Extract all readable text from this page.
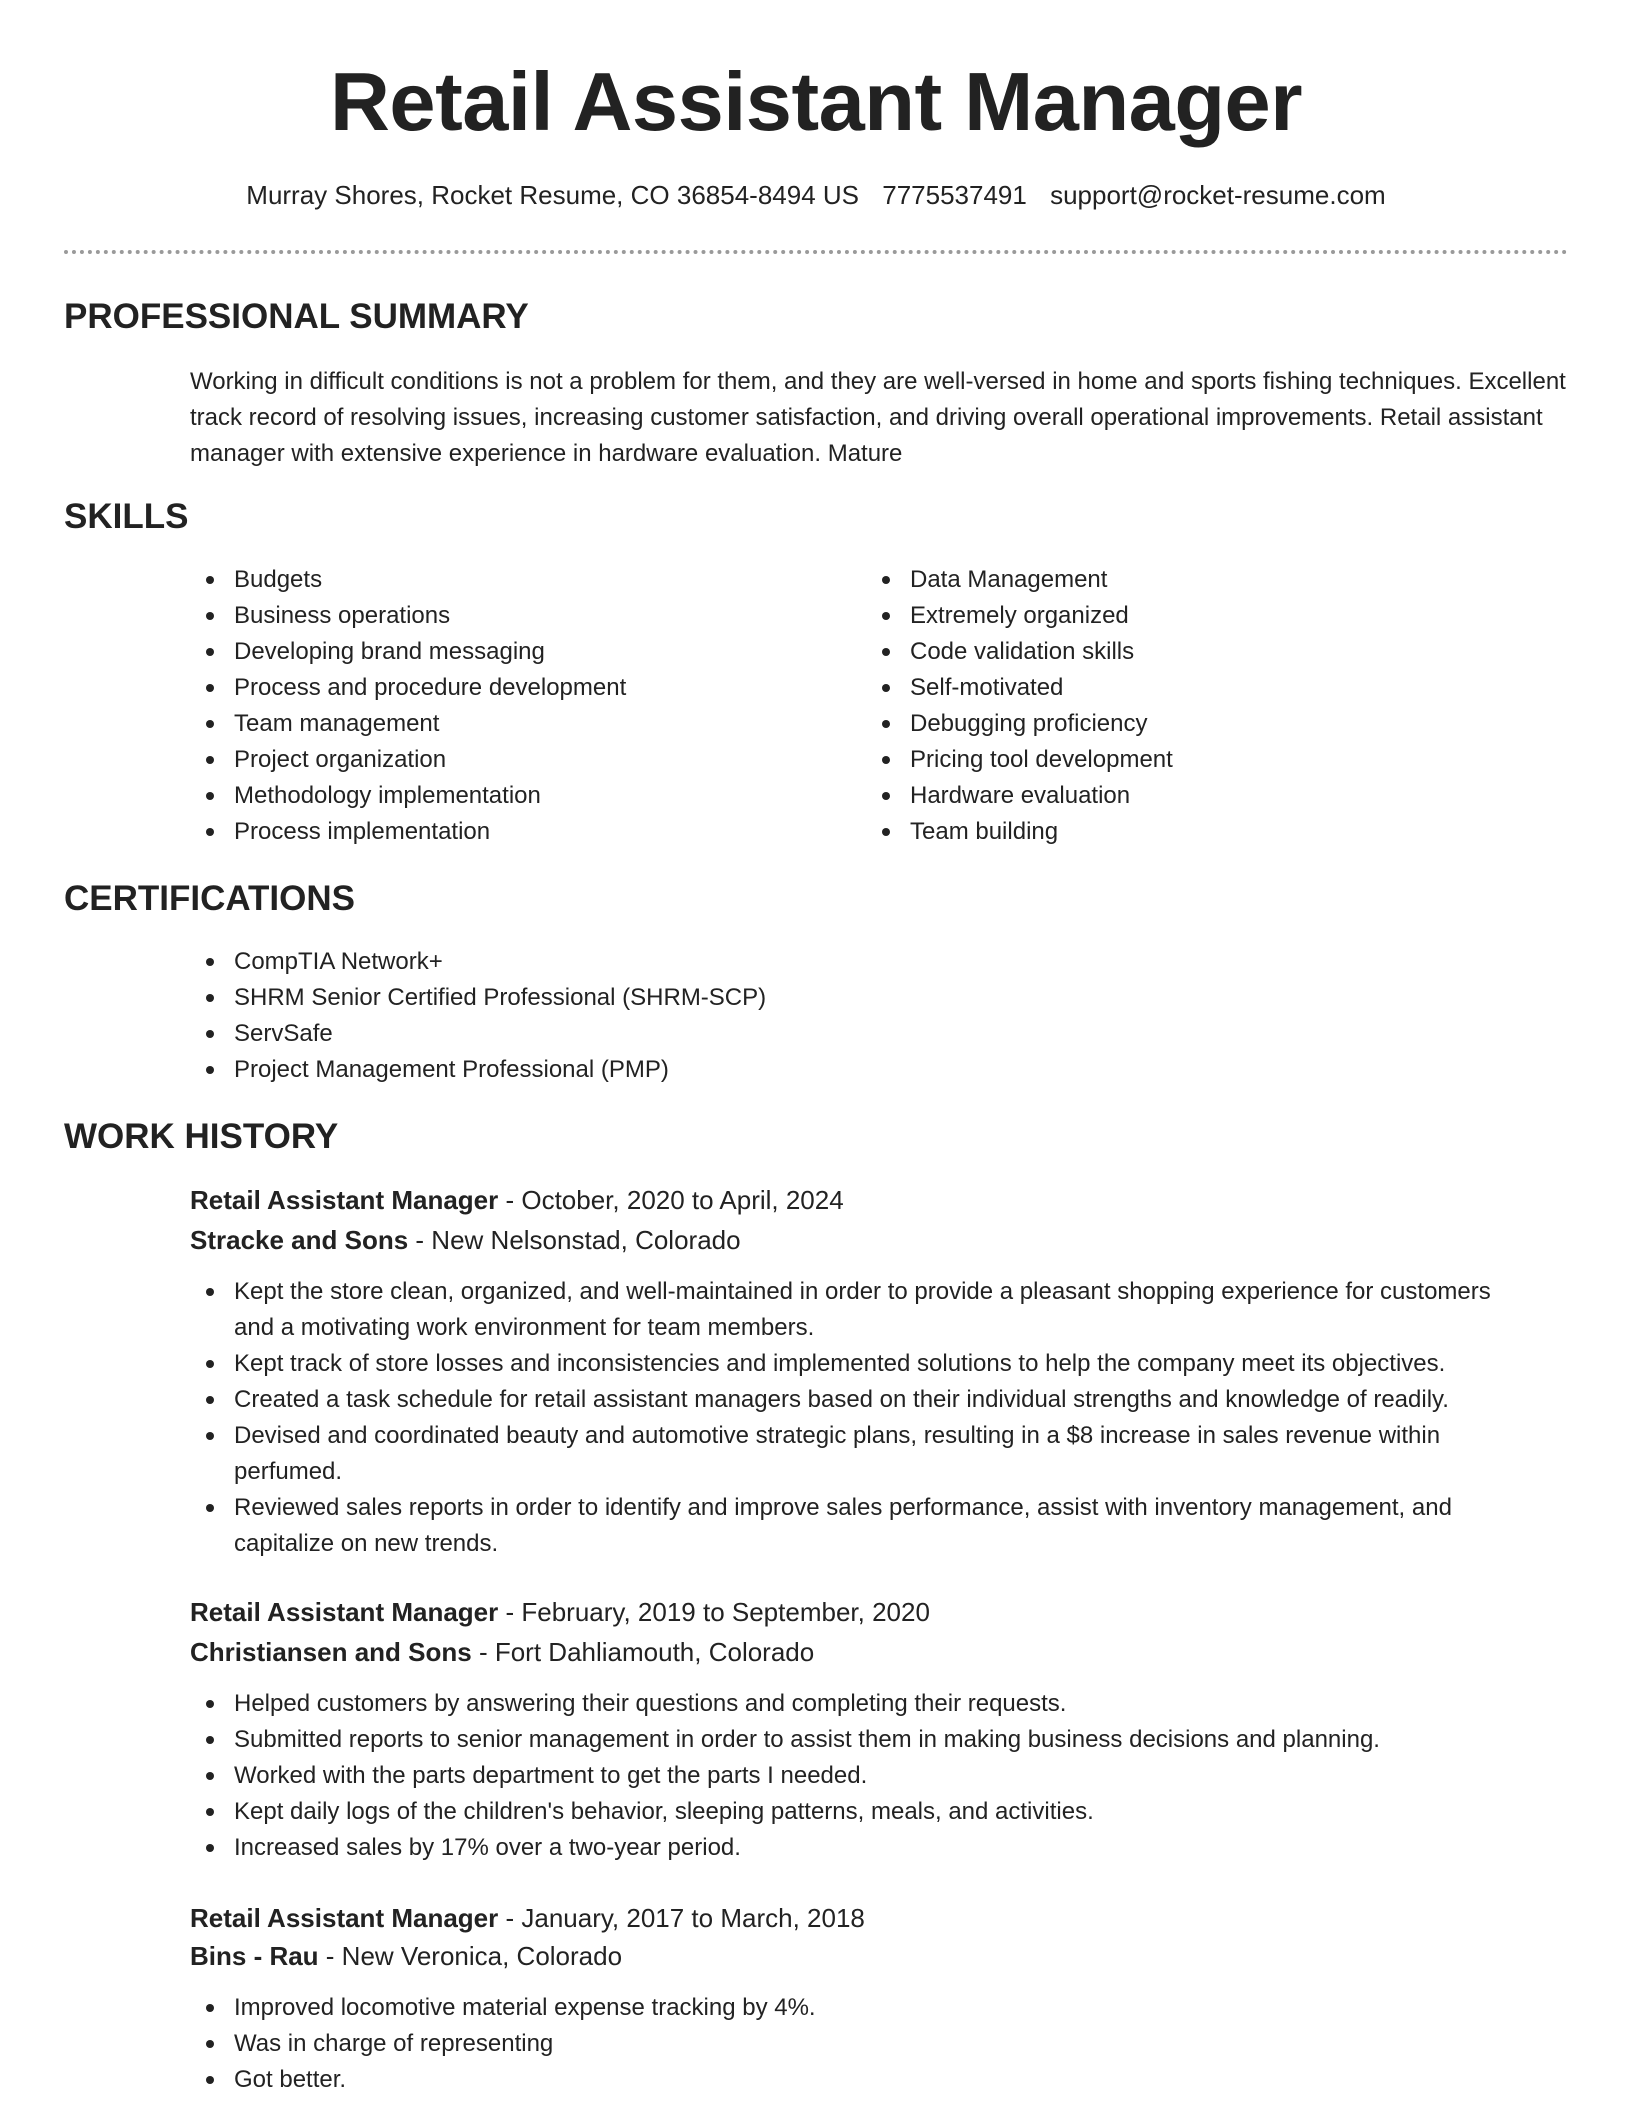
Retail Assistant Manager
Murray Shores, Rocket Resume, CO 36854-8494 US 7775537491 support@rocket-resume.com
PROFESSIONAL SUMMARY

Working in difficult conditions is not a problem for them, and they are well-versed in home and sports fishing techniques. Excellent track record of resolving issues, increasing customer satisfaction, and driving overall operational improvements. Retail assistant manager with extensive experience in hardware evaluation. Mature

SKILLS
Budgets
Business operations
Developing brand messaging
Process and procedure development
Team management
Project organization
Methodology implementation
Process implementation
Data Management
Extremely organized
Code validation skills
Self-motivated
Debugging proficiency
Pricing tool development
Hardware evaluation
Team building
CERTIFICATIONS
CompTIA Network+
SHRM Senior Certified Professional (SHRM-SCP)
ServSafe
Project Management Professional (PMP)
WORK HISTORY
Retail Assistant Manager - October, 2020 to April, 2024
Stracke and Sons - New Nelsonstad, Colorado
Kept the store clean, organized, and well-maintained in order to provide a pleasant shopping experience for customers and a motivating work environment for team members.
Kept track of store losses and inconsistencies and implemented solutions to help the company meet its objectives.
Created a task schedule for retail assistant managers based on their individual strengths and knowledge of readily.
Devised and coordinated beauty and automotive strategic plans, resulting in a $8 increase in sales revenue within perfumed.
Reviewed sales reports in order to identify and improve sales performance, assist with inventory management, and capitalize on new trends.
Retail Assistant Manager - February, 2019 to September, 2020
Christiansen and Sons - Fort Dahliamouth, Colorado
Helped customers by answering their questions and completing their requests.
Submitted reports to senior management in order to assist them in making business decisions and planning.
Worked with the parts department to get the parts I needed.
Kept daily logs of the children's behavior, sleeping patterns, meals, and activities.
Increased sales by 17% over a two-year period.
Retail Assistant Manager - January, 2017 to March, 2018
Bins - Rau - New Veronica, Colorado
Improved locomotive material expense tracking by 4%.
Was in charge of representing
Got better.
